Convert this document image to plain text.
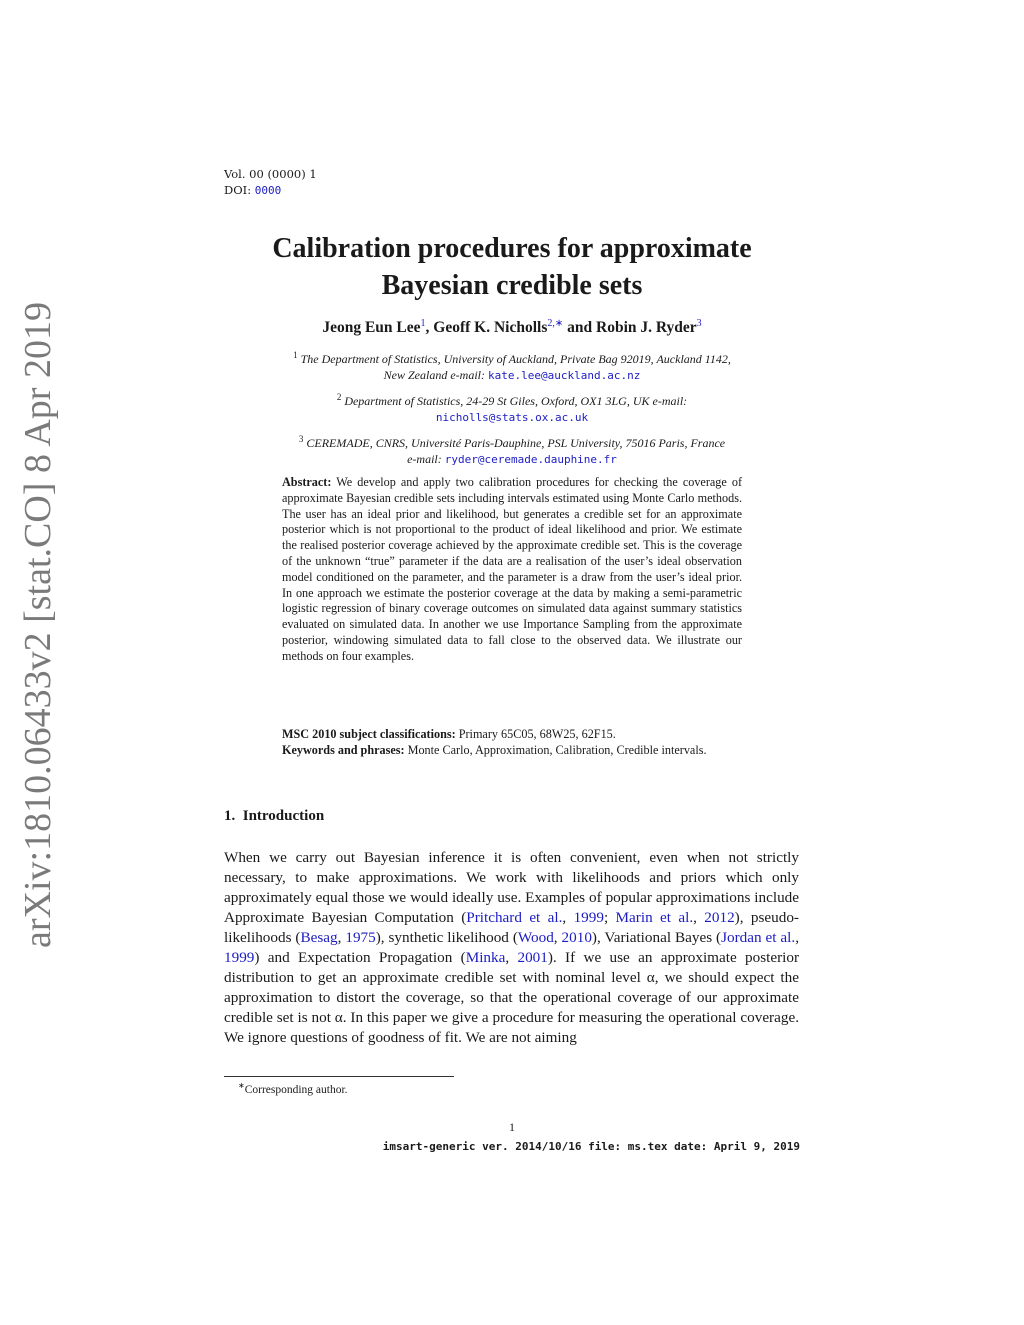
arXiv:1810.06433v2 [stat.CO] 8 Apr 2019
Vol. 00 (0000) 1
DOI: 0000
Calibration procedures for approximate
Bayesian credible sets
Jeong Eun Lee$^1$, Geoff K. Nicholls$^{2,∗}$ and Robin J. Ryder$^3$
$^1$ The Department of Statistics, University of Auckland, Private Bag 92019, Auckland 1142,
New Zealand e-mail: kate.lee@auckland.ac.nz
$^2$ Department of Statistics, 24-29 St Giles, Oxford, OX1 3LG, UK e-mail:
nicholls@stats.ox.ac.uk
$^3$ CEREMADE, CNRS, Université Paris-Dauphine, PSL University, 75016 Paris, France
e-mail: ryder@ceremade.dauphine.fr
Abstract: We develop and apply two calibration procedures for checking the coverage of approximate Bayesian credible sets including intervals estimated using Monte Carlo methods. The user has an ideal prior and likelihood, but generates a credible set for an approximate posterior which is not proportional to the product of ideal likelihood and prior. We estimate the realised posterior coverage achieved by the approximate credible set. This is the coverage of the unknown “true” parameter if the data are a realisation of the user’s ideal observation model conditioned on the parameter, and the parameter is a draw from the user’s ideal prior. In one approach we estimate the posterior coverage at the data by making a semi-parametric logistic regression of binary coverage outcomes on simulated data against summary statistics evaluated on simulated data. In another we use Importance Sampling from the approximate posterior, windowing simulated data to fall close to the observed data. We illustrate our methods on four examples.
MSC 2010 subject classifications: Primary 65C05, 68W25, 62F15.
Keywords and phrases: Monte Carlo, Approximation, Calibration, Credible intervals.
1. Introduction
When we carry out Bayesian inference it is often convenient, even when not strictly necessary, to make approximations. We work with likelihoods and priors which only approximately equal those we would ideally use. Examples of popular approximations include Approximate Bayesian Computation (Pritchard et al., 1999; Marin et al., 2012), pseudo-likelihoods (Besag, 1975), synthetic likelihood (Wood, 2010), Variational Bayes (Jordan et al., 1999) and Expectation Propagation (Minka, 2001). If we use an approximate posterior distribution to get an approximate credible set with nominal level α, we should expect the approximation to distort the coverage, so that the operational coverage of our approximate credible set is not α. In this paper we give a procedure for measuring the operational coverage. We ignore questions of goodness of fit. We are not aiming
∗Corresponding author.
1
imsart-generic ver. 2014/10/16 file: ms.tex date: April 9, 2019
